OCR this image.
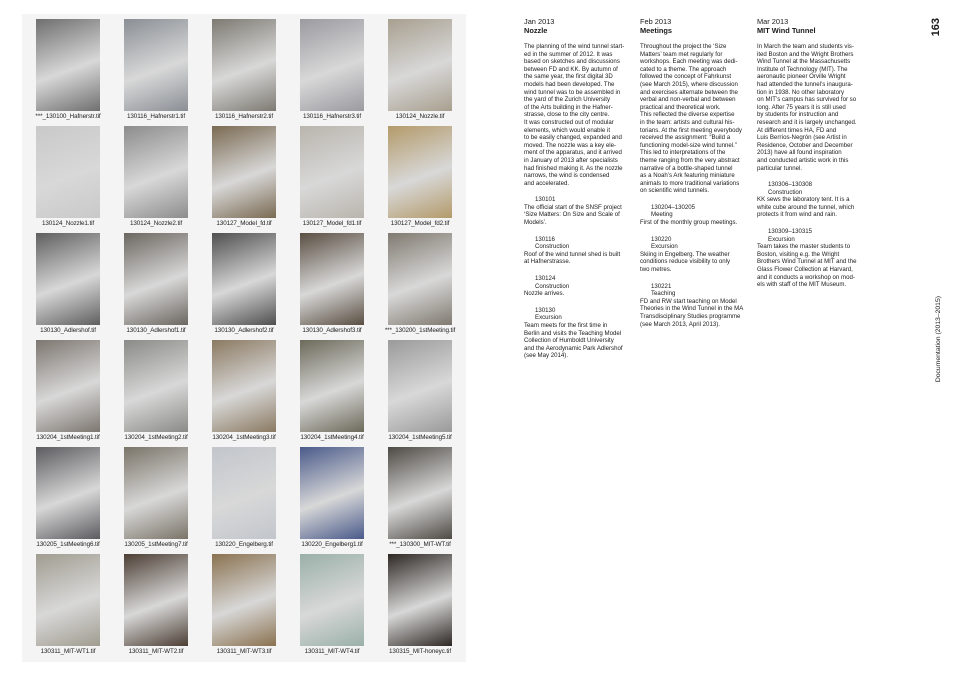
***_130100_Hafnerstr.tif	130116_Hafnerstr1.tif	130116_Hafnerstr2.tif	130116_Hafnerstr3.tif	130124_Nozzle.tif
130124_Nozzle1.tif	130124_Nozzle2.tif	130127_Model_fd.tif	130127_Model_fd1.tif	130127_Model_fd2.tif
130130_Adlershof.tif	130130_Adlershof1.tif	130130_Adlershof2.tif	130130_Adlershof3.tif	***_130200_1stMeeting.tif
130204_1stMeeting1.tif	130204_1stMeeting2.tif	130204_1stMeeting3.tif	130204_1stMeeting4.tif	130204_1stMeeting5.tif
130205_1stMeeting6.tif	130205_1stMeeting7.tif	130220_Engelberg.tif	130220_Engelberg1.tif	***_130300_MIT-WT.tif
130311_MIT-WT1.tif	130311_MIT-WT2.tif	130311_MIT-WT3.tif	130311_MIT-WT4.tif	130315_MIT-honeyc.tif
Jan 2013
Nozzle

The planning of the wind tunnel start-
ed in the summer of 2012. It was
based on sketches and discussions
between FD and KK. By autumn of
the same year, the first digital 3D
models had been developed. The
wind tunnel was to be assembled in
the yard of the Zurich University
of the Arts building in the Hafner-
strasse, close to the city centre.
It was constructed out of modular
elements, which would enable it
to be easily changed, expanded and
moved. The nozzle was a key ele-
ment of the apparatus, and it arrived
in January of 2013 after specialists
had finished making it. As the nozzle
narrows, the wind is condensed
and accelerated.

130101

The official start of the SNSF project
‘Size Matters: On Size and Scale of
Models’.

130116

Construction

Roof of the wind tunnel shed is built
at Hafnerstrasse.

130124

Construction

Nozzle arrives.

130130

Excursion

Team meets for the first time in
Berlin and visits the Teaching Model
Collection of Humboldt University
and the Aerodynamic Park Adlershof
(see May 2014).

Feb 2013
Meetings

Throughout the project the ‘Size
Matters’ team met regularly for
workshops. Each meeting was dedi-
cated to a theme. The approach
followed the concept of Fahrkunst
(see March 2015), where discussion
and exercises alternate between the
verbal and non-verbal and between
practical and theoretical work.
This reflected the diverse expertise
in the team: artists and cultural his-
torians. At the first meeting everybody
received the assignment: “Build a
functioning model-size wind tunnel.”
This led to interpretations of the
theme ranging from the very abstract
narrative of a bottle-shaped tunnel
as a Noah’s Ark featuring miniature
animals to more traditional variations
on scientific wind tunnels.

130204–130205

Meeting

First of the monthly group meetings.

130220

Excursion

Skiing in Engelberg. The weather
conditions reduce visibility to only
two metres.

130221

Teaching

FD and RW start teaching on Model
Theories in the Wind Tunnel in the MA
Transdisciplinary Studies programme
(see March 2013, April 2013).

Mar 2013
MIT Wind Tunnel

In March the team and students vis-
ited Boston and the Wright Brothers
Wind Tunnel at the Massachusetts
Institute of Technology (MIT). The
aeronautic pioneer Orville Wright
had attended the tunnel’s inaugura-
tion in 1938. No other laboratory
on MIT’s campus has survived for so
long. After 75 years it is still used
by students for instruction and
research and it is largely unchanged.
At different times HA, FD and
Luis Berríos-Negrón (see Artist in
Residence, October and December
2013) have all found inspiration
and conducted artistic work in this
particular tunnel.

130306–130308

Construction

KK sews the laboratory tent. It is a
white cube around the tunnel, which
protects it from wind and rain.

130309–130315

Excursion

Team takes the master students to
Boston, visiting e.g. the Wright
Brothers Wind Tunnel at MIT and the
Glass Flower Collection at Harvard,
and it conducts a workshop on mod-
els with staff of the MIT Museum.

163
Documentation (2013–2015)
